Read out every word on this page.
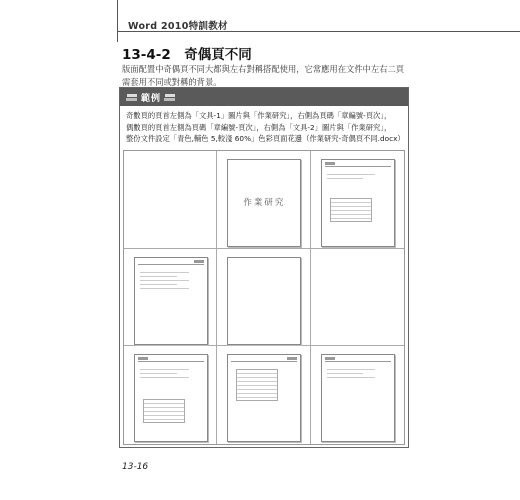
Word 2010特訓教材
13-4-2　奇偶頁不同
版面配置中奇偶頁不同大都與左右對稱搭配使用，它常應用在文件中左右二頁
需套用不同或對稱的背景。
範例
奇數頁的頁首左側為「文具-1」圖片與「作業研究」，右側為頁碼「章編號-頁次」，
偶數頁的頁首左側為頁碼「章編號-頁次」，右側為「文具-2」圖片與「作業研究」，
整份文件設定「青色,輔色 5,較淺 60%」色彩頁面花邊（作業研究-奇偶頁不同.docx）
作業研究
13-16
